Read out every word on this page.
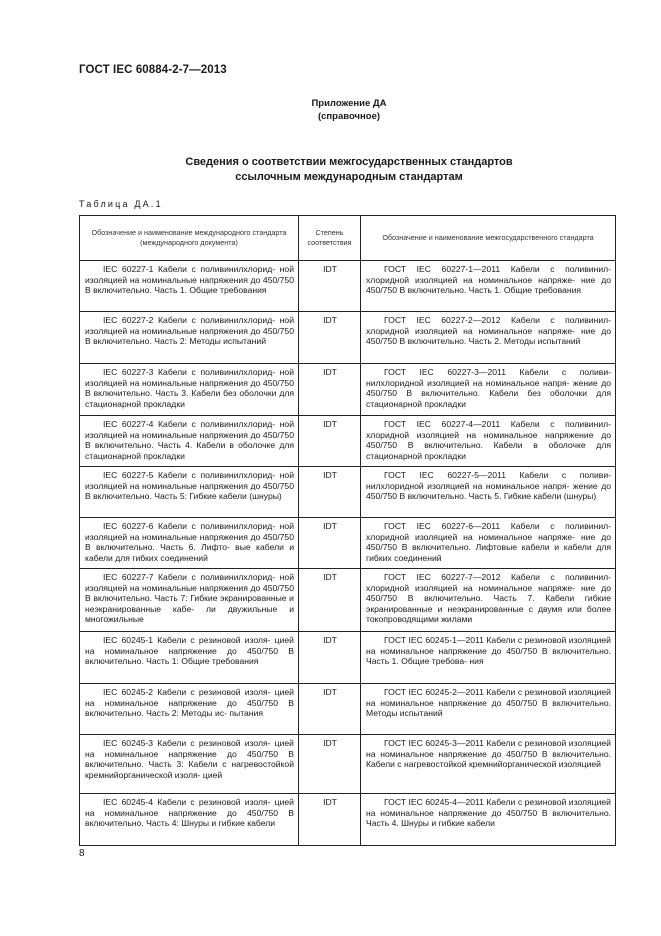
ГОСТ IEC 60884-2-7—2013
Приложение ДА
(справочное)
Сведения о соответствии межгосударственных стандартов
ссылочным международным стандартам
Таблица ДА.1
Обозначение и наименование международного стандарта (международного документа)	Степень соответствия	Обозначение и наименование межгосударственного стандарта
IEC 60227-1 Кабели с поливинилхлорид- ной изоляцией на номинальные напряжения до 450/750 В включительно. Часть 1. Общие требования	IDT	ГОСТ IEC 60227-1—2011 Кабели с поливинил- хлоридной изоляцией на номинальное напряже- ние до 450/750 В включительно. Часть 1. Общие требования
IEC 60227-2 Кабели с поливинилхлорид- ной изоляцией на номинальные напряжения до 450/750 В включительно. Часть 2: Методы испытаний	IDT	ГОСТ IEC 60227-2—2012 Кабели с поливинил- хлоридной изоляцией на номинальное напряже- ние до 450/750 В включительно. Часть 2. Методы испытаний
IEC 60227-3 Кабели с поливинилхлорид- ной изоляцией на номинальные напряжения до 450/750 В включительно. Часть 3. Кабели без оболочки для стационарной прокладки	IDT	ГОСТ IEC 60227-3—2011 Кабели с поливи- нилхлоридной изоляцией на номинальное напря- жение до 450/750 В включительно. Кабели без оболочки для стационарной прокладки
IEC 60227-4 Кабели с поливинилхлорид- ной изоляцией на номинальные напряжения до 450/750 В включительно. Часть 4. Кабели в оболочке для стационарной прокладки	IDT	ГОСТ IEC 60227-4—2011 Кабели с поливинил- хлоридной изоляцией на номинальное напряжение до 450/750 В включительно. Кабели в оболочке для стационарной прокладки
IEC 60227-5 Кабели с поливинилхлорид- ной изоляцией на номинальные напряжения до 450/750 В включительно. Часть 5: Гибкие кабели (шнуры)	IDT	ГОСТ IEC 60227-5—2011 Кабели с поливи- нилхлоридной изоляцией на номинальное напря- жение до 450/750 В включительно. Часть 5. Гибкие кабели (шнуры)
IEC 60227-6 Кабели с поливинилхлорид- ной изоляцией на номинальные напряжения до 450/750 В включительно. Часть 6. Лифто- вые кабели и кабели для гибких соединений	IDT	ГОСТ IEC 60227-6—2011 Кабели с поливинил- хлоридной изоляцией на номинальное напряже- ние до 450/750 В включительно. Лифтовые кабели и кабели для гибких соединений
IEC 60227-7 Кабели с поливинилхлорид- ной изоляцией на номинальные напряжения до 450/750 В включительно. Часть 7: Гибкие экранированные и неэкранированные кабе- ли двужильные и многожильные	IDT	ГОСТ IEC 60227-7—2012 Кабели с поливинил- хлоридной изоляцией на номинальное напряже- ние до 450/750 В включительно. Часть 7. Кабели гибкие экранированные и неэкранированные с двумя или более токопроводящими жилами
IEC 60245-1 Кабели с резиновой изоля- цией на номинальное напряжение до 450/750 В включительно. Часть 1: Общие требования	IDT	ГОСТ IEC 60245-1—2011 Кабели с резиновой изоляцией на номинальное напряжение до 450/750 В включительно. Часть 1. Общие требова- ния
IEC 60245-2 Кабели с резиновой изоля- цией на номинальное напряжение до 450/750 В включительно. Часть 2: Методы ис- пытания	IDT	ГОСТ IEC 60245-2—2011 Кабели с резиновой изоляцией на номинальное напряжение до 450/750 В включительно. Методы испытаний
IEC 60245-3 Кабели с резиновой изоля- цией на номинальное напряжение до 450/750 В включительно. Часть 3: Кабели с нагревостойкой кремнийорганической изоля- цией	IDT	ГОСТ IEC 60245-3—2011 Кабели с резиновой изоляцией на номинальное напряжение до 450/750 В включительно. Кабели с нагревостойкой кремнийорганической изоляцией
IEC 60245-4 Кабели с резиновой изоля- цией на номинальное напряжение до 450/750 В включительно. Часть 4: Шнуры и гибкие кабели	IDT	ГОСТ IEC 60245-4—2011 Кабели с резиновой изоляцией на номинальное напряжение до 450/750 В включительно. Часть 4. Шнуры и гибкие кабели
8
